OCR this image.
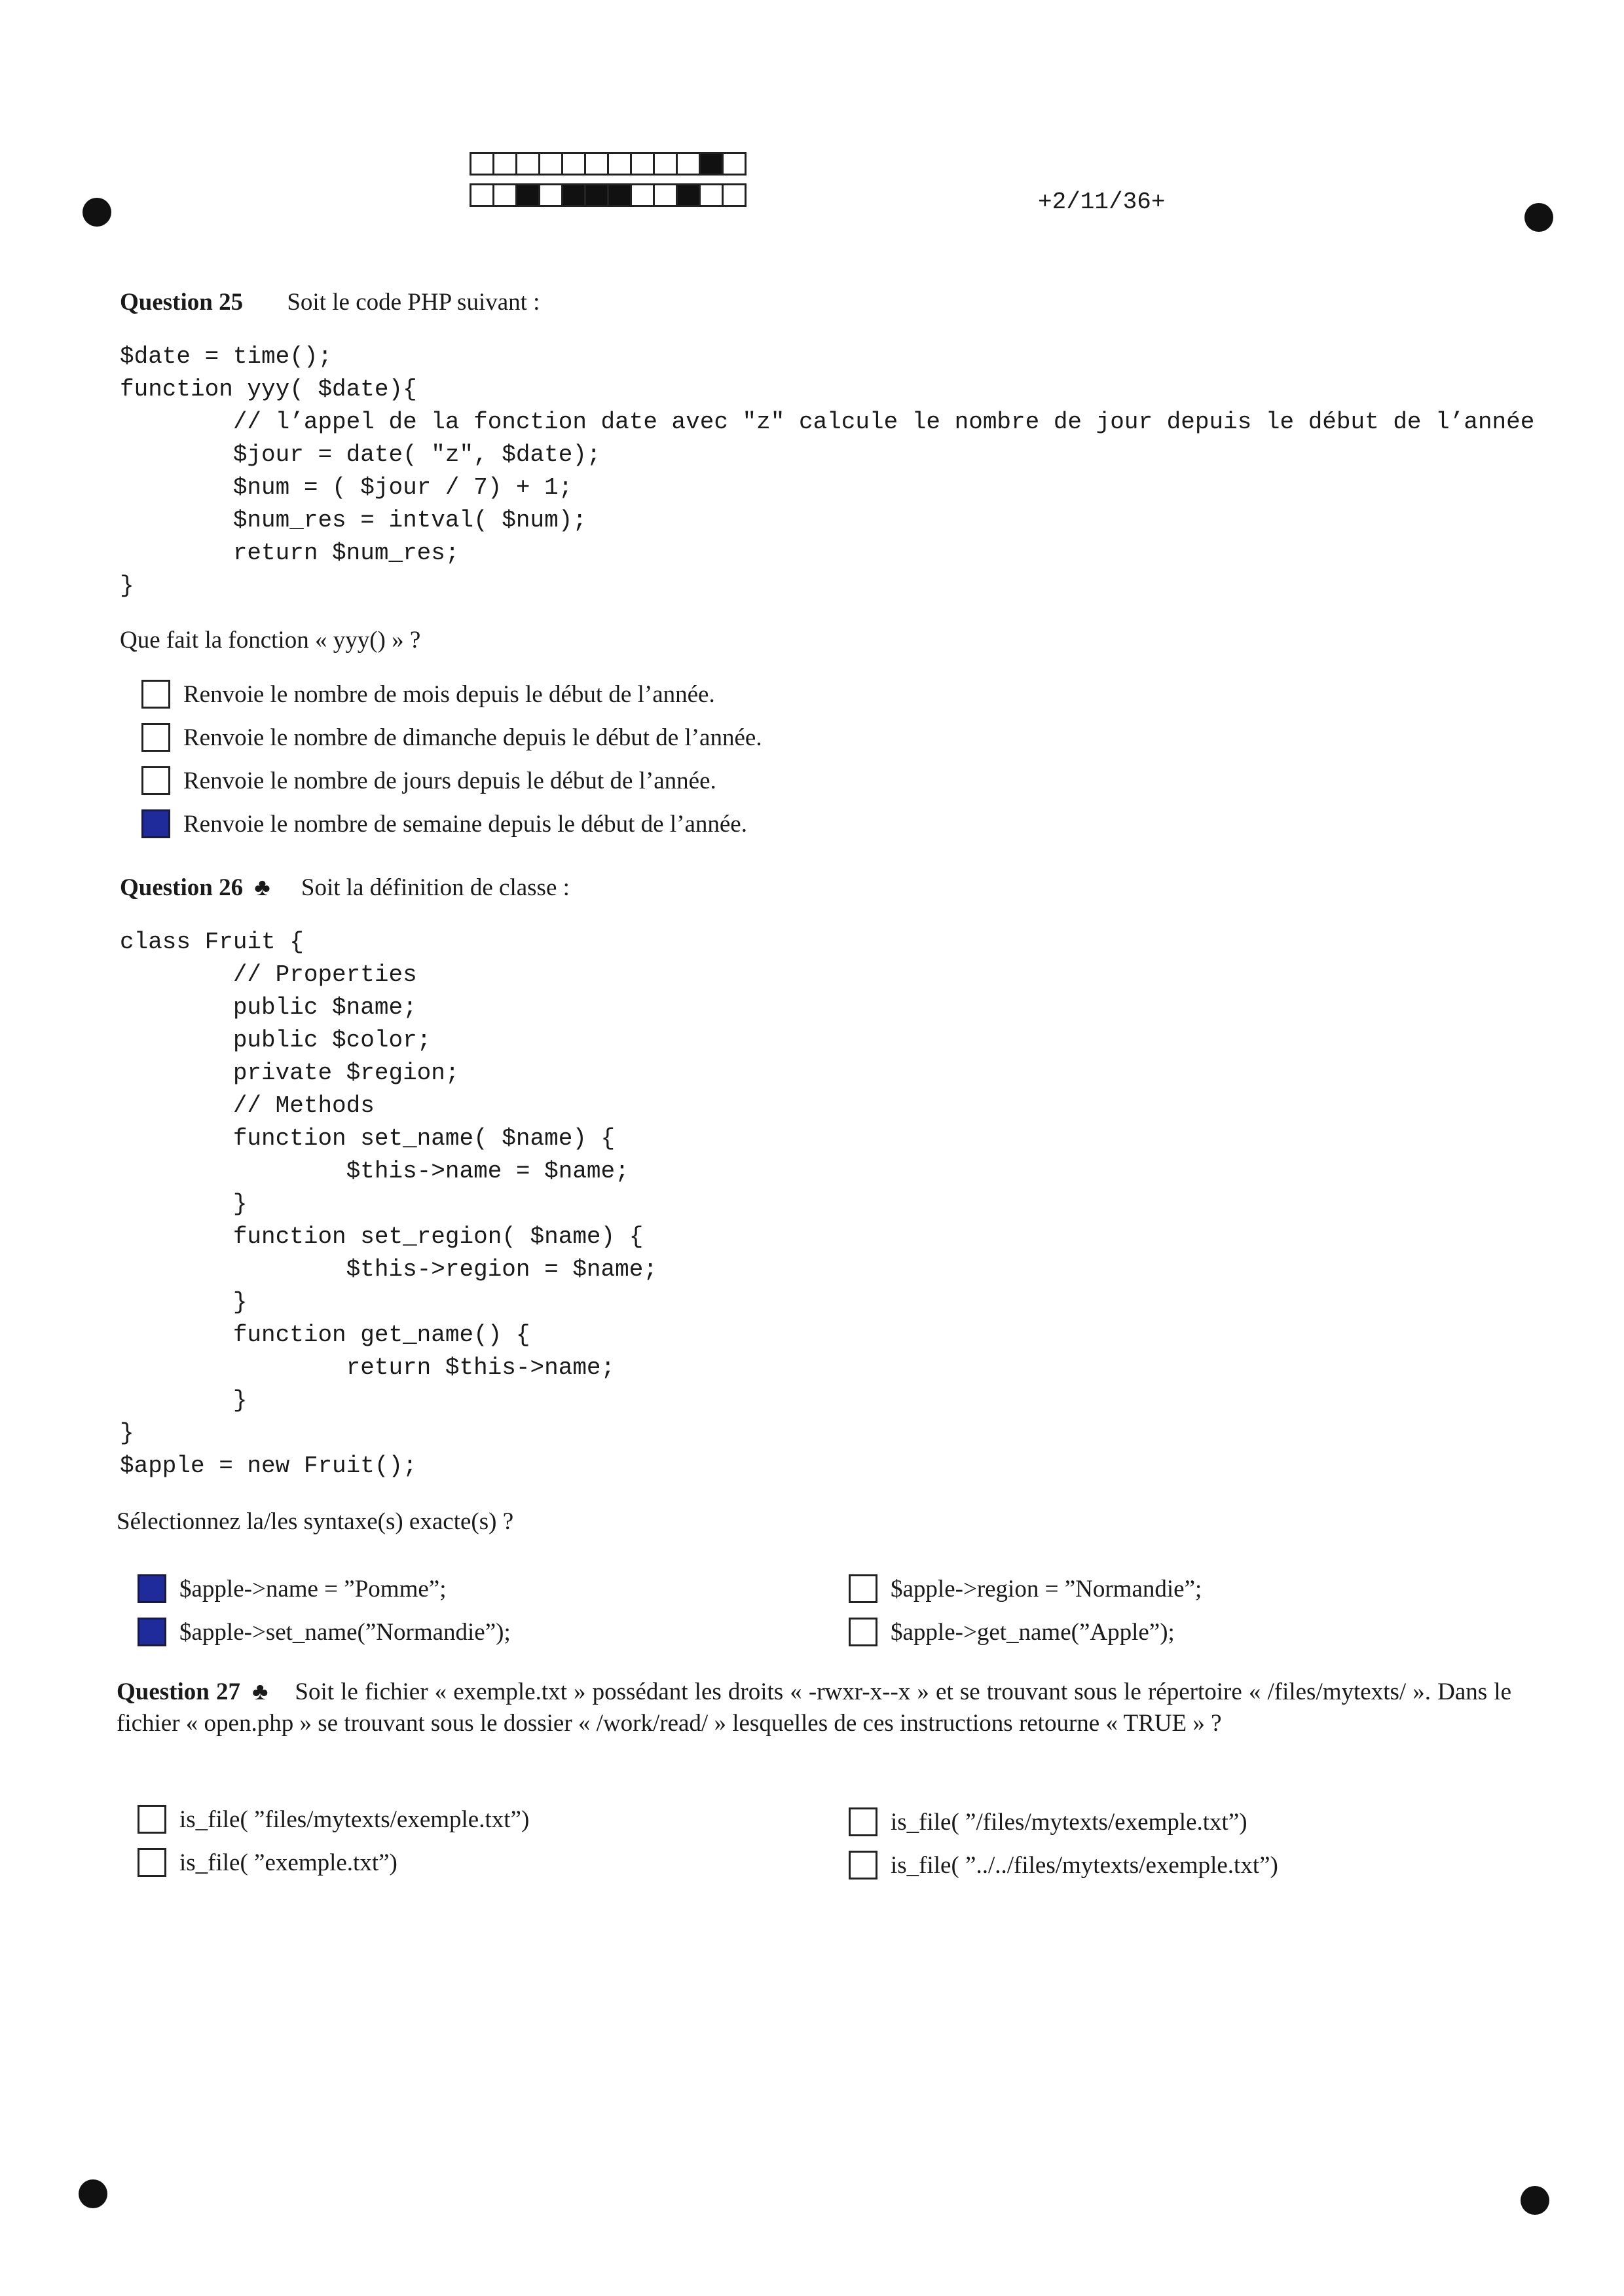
+2/11/36+
Question 25 Soit le code PHP suivant :
$date = time();
function yyy( $date){
// l’appel de la fonction date avec "z" calcule le nombre de jour depuis le début de l’année
$jour = date( "z", $date);
$num = ( $jour / 7) + 1;
$num_res = intval( $num);
return $num_res;
}
Que fait la fonction « yyy() » ?
Renvoie le nombre de mois depuis le début de l’année.
Renvoie le nombre de dimanche depuis le début de l’année.
Renvoie le nombre de jours depuis le début de l’année.
Renvoie le nombre de semaine depuis le début de l’année.
Question 26 ♣ Soit la définition de classe :
class Fruit {
// Properties
public $name;
public $color;
private $region;
// Methods
function set_name( $name) {
$this->name = $name;
}
function set_region( $name) {
$this->region = $name;
}
function get_name() {
return $this->name;
}
}
$apple = new Fruit();
Sélectionnez la/les syntaxe(s) exacte(s) ?
$apple->name = ”Pomme”;
$apple->set_name(”Normandie”);
$apple->region = ”Normandie”;
$apple->get_name(”Apple”);
Question 27 ♣ Soit le fichier « exemple.txt » possédant les droits « -rwxr-x--x » et se trouvant sous le répertoire « /files/mytexts/ ». Dans le fichier « open.php » se trouvant sous le dossier « /work/read/ » lesquelles de ces instructions retourne « TRUE » ?
is_file( ”files/mytexts/exemple.txt”)
is_file( ”exemple.txt”)
is_file( ”/files/mytexts/exemple.txt”)
is_file( ”../../files/mytexts/exemple.txt”)
